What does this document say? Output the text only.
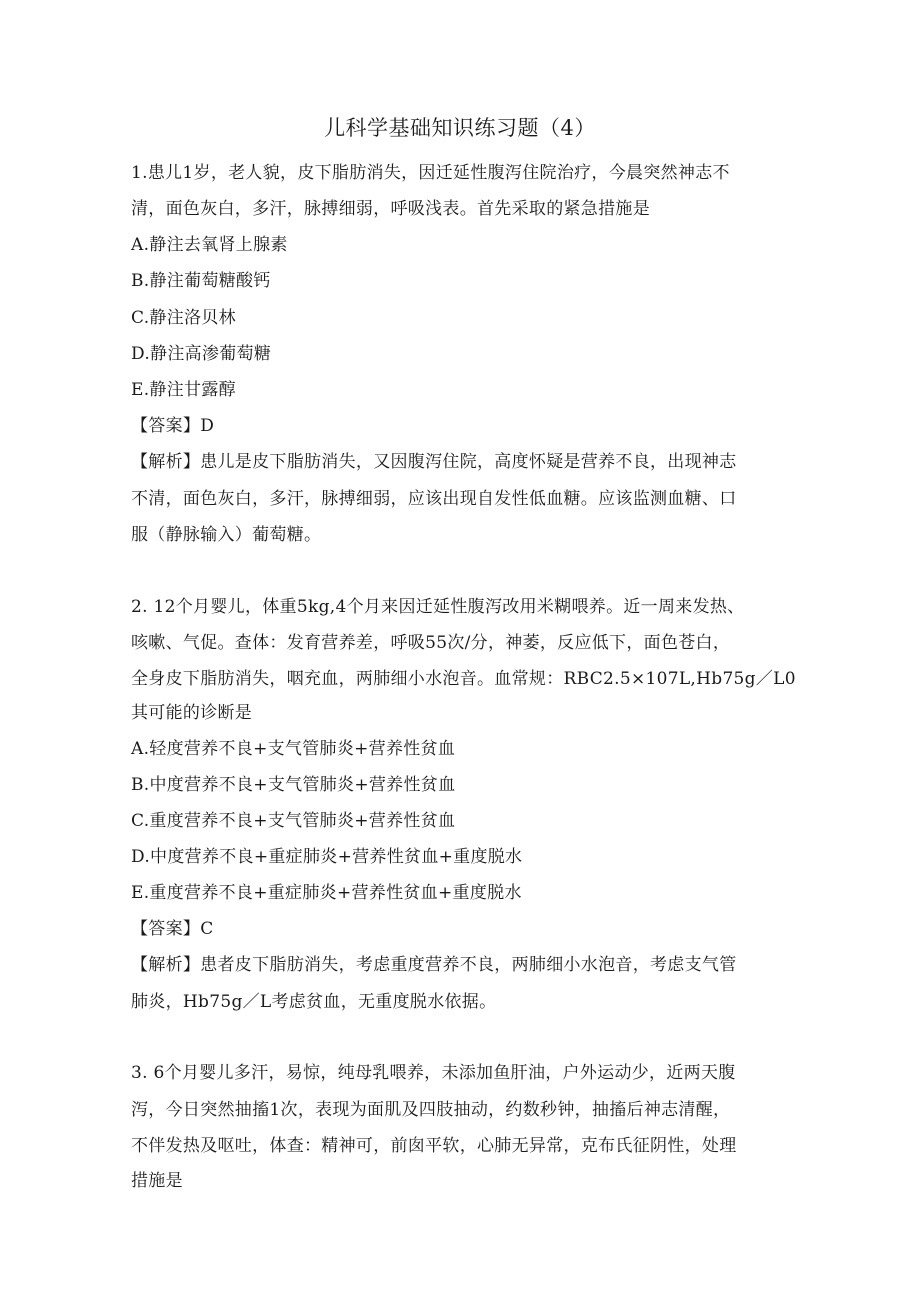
儿科学基础知识练习题（4）
1.患儿1岁，老人貌，皮下脂肪消失，因迁延性腹泻住院治疗，今晨突然神志不
清，面色灰白，多汗，脉搏细弱，呼吸浅表。首先采取的紧急措施是
A.静注去氧肾上腺素
B.静注葡萄糖酸钙
C.静注洛贝林
D.静注高渗葡萄糖
E.静注甘露醇
【答案】D
【解析】患儿是皮下脂肪消失，又因腹泻住院，高度怀疑是营养不良，出现神志
不清，面色灰白，多汗，脉搏细弱，应该出现自发性低血糖。应该监测血糖、口
服（静脉输入）葡萄糖。
2. 12个月婴儿，体重5kg,4个月来因迁延性腹泻改用米糊喂养。近一周来发热、
咳嗽、气促。查体：发育营养差，呼吸55次/分，神萎，反应低下，面色苍白，
全身皮下脂肪消失，咽充血，两肺细小水泡音。血常规：RBC2.5×107L,Hb75g／L0
其可能的诊断是
A.轻度营养不良+支气管肺炎+营养性贫血
B.中度营养不良+支气管肺炎+营养性贫血
C.重度营养不良+支气管肺炎+营养性贫血
D.中度营养不良+重症肺炎+营养性贫血+重度脱水
E.重度营养不良+重症肺炎+营养性贫血+重度脱水
【答案】C
【解析】患者皮下脂肪消失，考虑重度营养不良，两肺细小水泡音，考虑支气管
肺炎，Hb75g／L考虑贫血，无重度脱水依据。
3. 6个月婴儿多汗，易惊，纯母乳喂养，未添加鱼肝油，户外运动少，近两天腹
泻，今日突然抽搐1次，表现为面肌及四肢抽动，约数秒钟，抽搐后神志清醒，
不伴发热及呕吐，体查：精神可，前囱平软，心肺无异常，克布氏征阴性，处理
措施是
